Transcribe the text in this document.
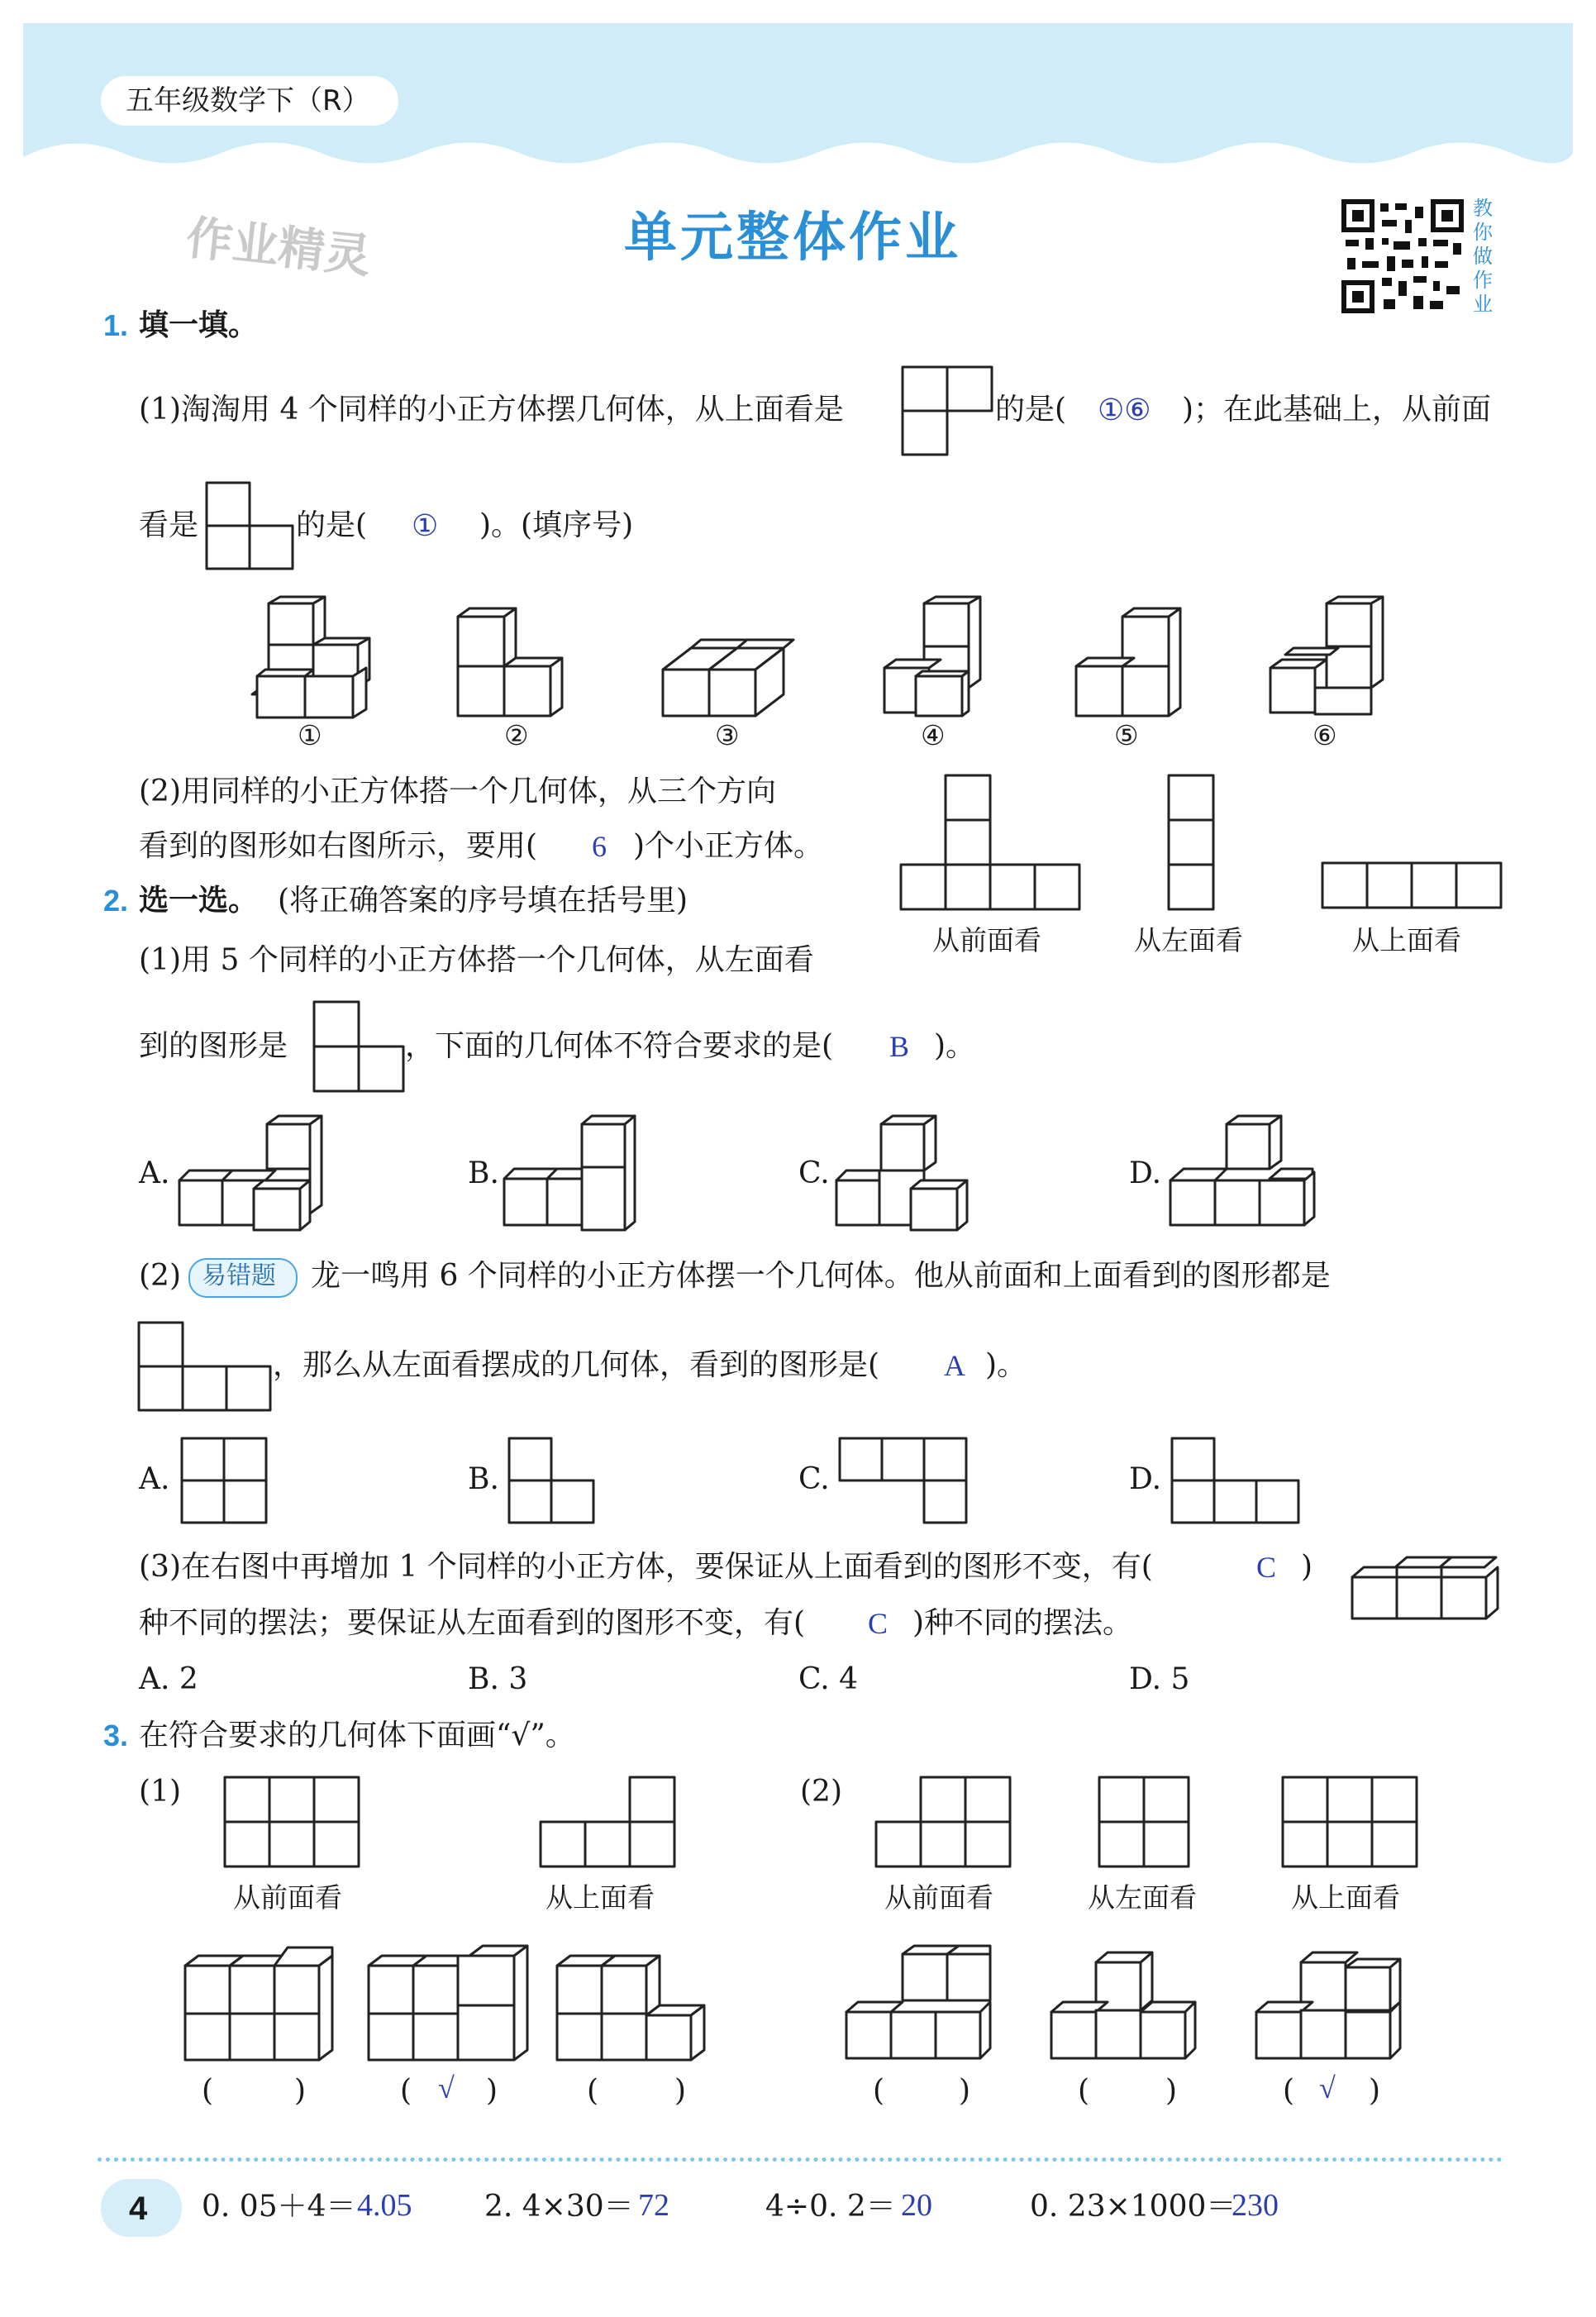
五年级数学下（R）
作业精灵	单元整体作业	教你做作业
1. 填一填。
(1)淘淘用 4 个同样的小正方体摆几何体，从上面看是	的是( ①⑥ )；在此基础上，从前面
看是	的是( ① )。(填序号)
①	②	③	④	⑤	⑥
(2)用同样的小正方体搭一个几何体，从三个方向
看到的图形如右图所示，要用( 6 )个小正方体。
从前面看	从左面看	从上面看
2. 选一选。 (将正确答案的序号填在括号里)
(1)用 5 个同样的小正方体搭一个几何体，从左面看
到的图形是	，下面的几何体不符合要求的是( B )。
A.	B.	C.	D.
(2) 易错题 龙一鸣用 6 个同样的小正方体摆一个几何体。他从前面和上面看到的图形都是
，那么从左面看摆成的几何体，看到的图形是( A )。
A.	B.	C.	D.
(3)在右图中再增加 1 个同样的小正方体，要保证从上面看到的图形不变，有(	C )
种不同的摆法；要保证从左面看到的图形不变，有( C )种不同的摆法。
A. 2	B. 3	C. 4	D. 5
3. 在符合要求的几何体下面画“√”。
(1)	(2)
从前面看	从上面看	从前面看	从左面看	从上面看
(	)	( √ )	(	)	( )	(	)	( √ )
4 0. 05＋4＝ 4.05 2. 4×30＝ 72	4÷0. 2＝ 20	0. 23×1000＝
230
